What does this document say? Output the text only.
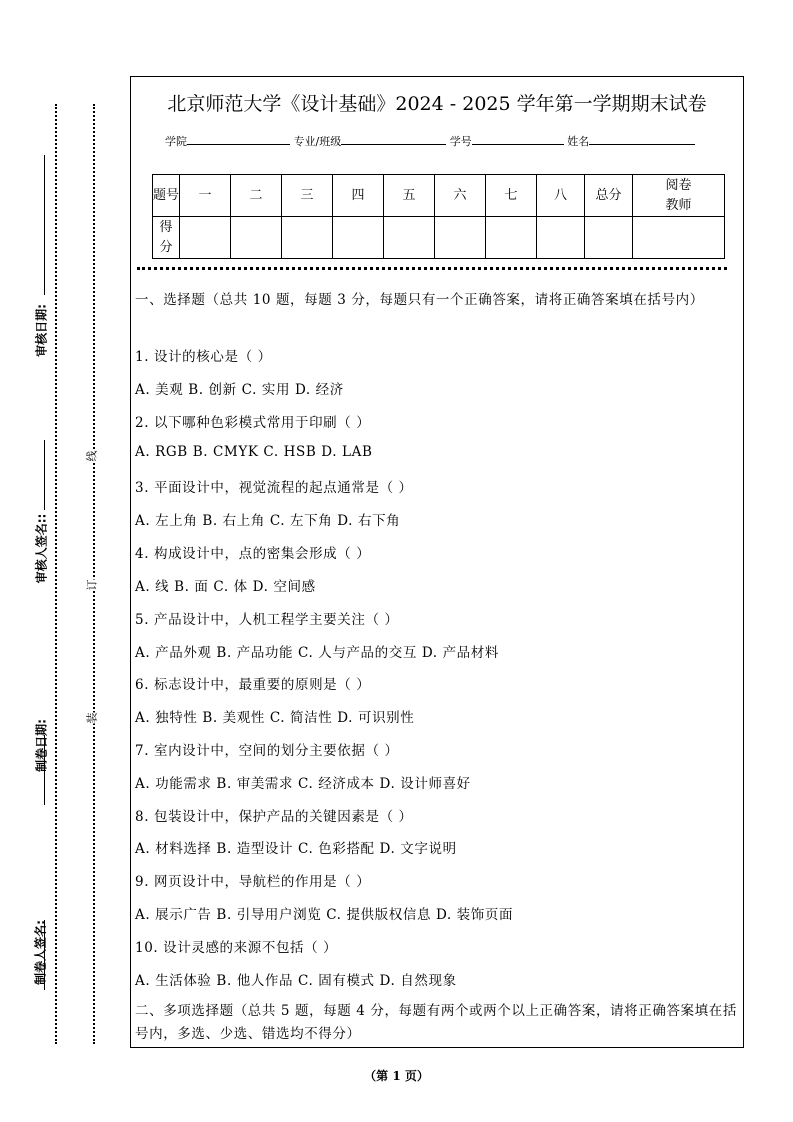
审核日期:
审核人签名::
制卷日期:
制卷人签名:
线
订
装
北京师范大学《设计基础》2024 - 2025 学年第一学期期末试卷
学院	专业/班级	学号	姓名
题号	一	二	三	四	五	六	七	八	总分	阅卷教师
得分										

一、选择题（总共 10 题，每题 3 分，每题只有一个正确答案，请将正确答案填在括号内）

1. 设计的核心是（ ）

A. 美观 B. 创新 C. 实用 D. 经济

2. 以下哪种色彩模式常用于印刷（ ）

A. RGB B. CMYK C. HSB D. LAB

3. 平面设计中，视觉流程的起点通常是（ ）

A. 左上角 B. 右上角 C. 左下角 D. 右下角

4. 构成设计中，点的密集会形成（ ）

A. 线 B. 面 C. 体 D. 空间感

5. 产品设计中，人机工程学主要关注（ ）

A. 产品外观 B. 产品功能 C. 人与产品的交互 D. 产品材料

6. 标志设计中，最重要的原则是（ ）

A. 独特性 B. 美观性 C. 简洁性 D. 可识别性

7. 室内设计中，空间的划分主要依据（ ）

A. 功能需求 B. 审美需求 C. 经济成本 D. 设计师喜好

8. 包装设计中，保护产品的关键因素是（ ）

A. 材料选择 B. 造型设计 C. 色彩搭配 D. 文字说明

9. 网页设计中，导航栏的作用是（ ）

A. 展示广告 B. 引导用户浏览 C. 提供版权信息 D. 装饰页面

10. 设计灵感的来源不包括（ ）

A. 生活体验 B. 他人作品 C. 固有模式 D. 自然现象

二、多项选择题（总共 5 题，每题 4 分，每题有两个或两个以上正确答案，请将正确答案填在括号内，多选、少选、错选均不得分）

（第 1 页）
